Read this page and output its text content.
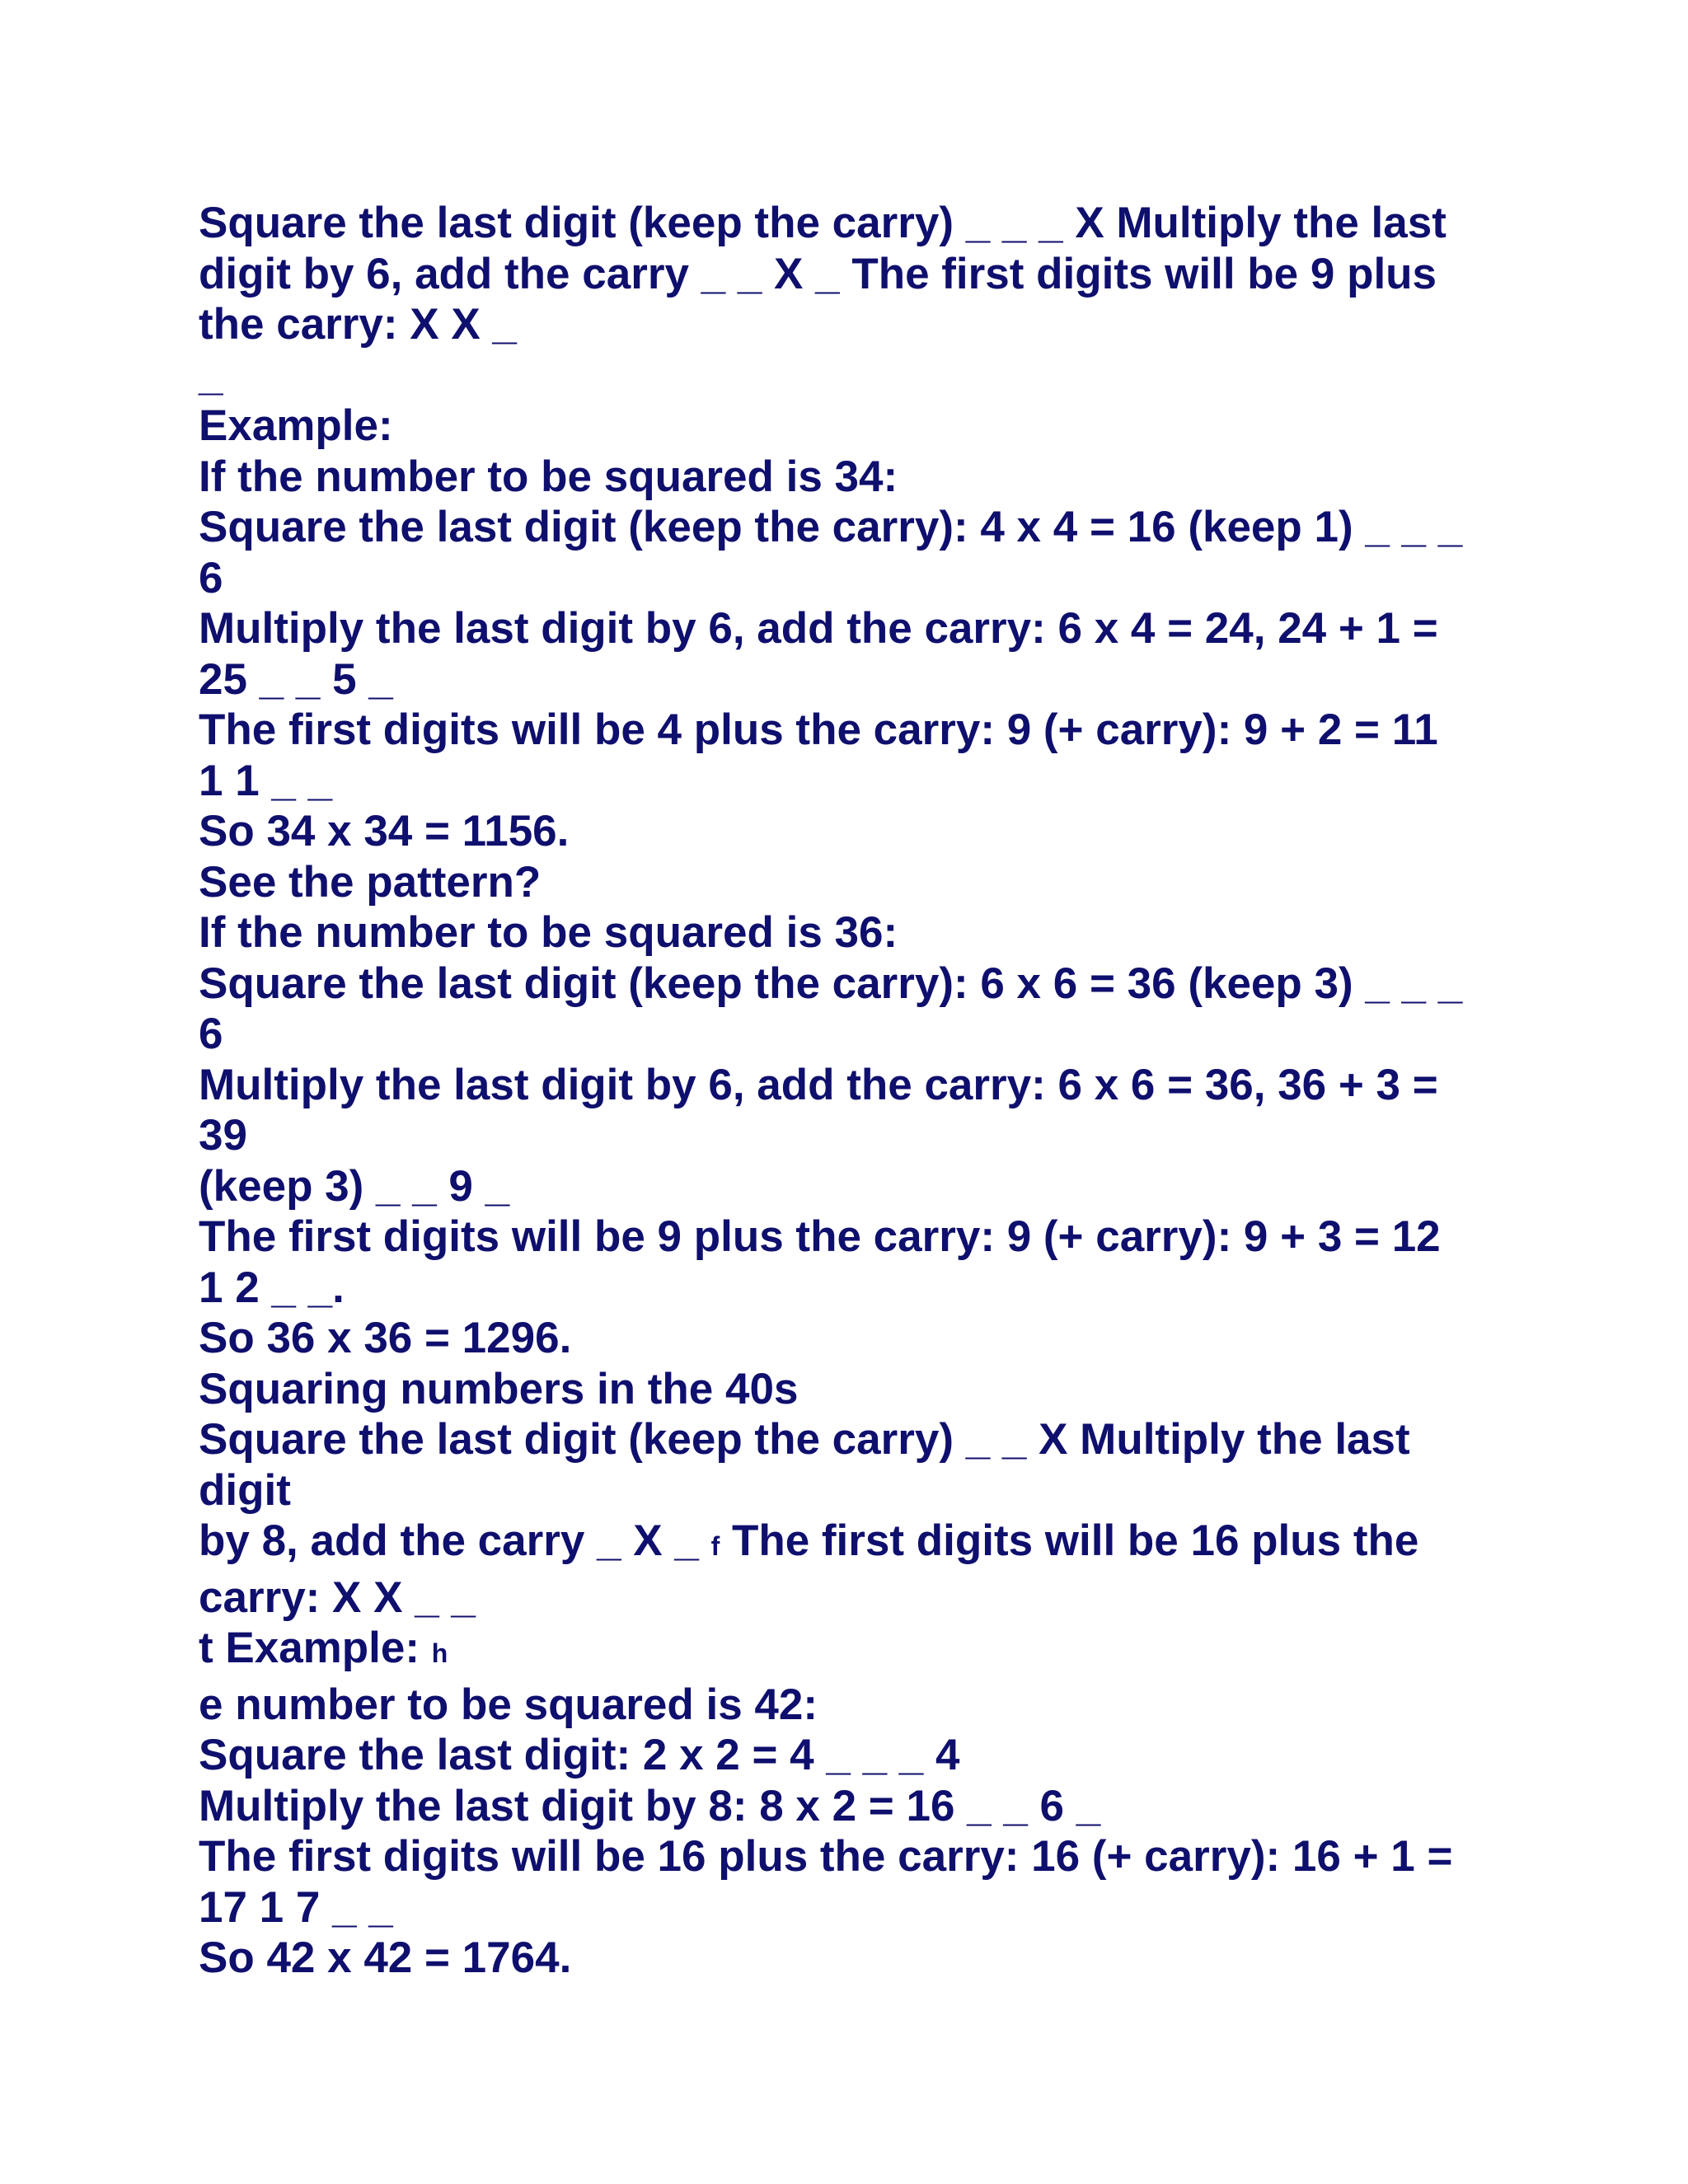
Square the last digit (keep the carry) _ _ _ X Multiply the last
digit by 6, add the carry _ _ X _ The first digits will be 9 plus
the carry: X X _
_
Example:
If the number to be squared is 34:
Square the last digit (keep the carry): 4 x 4 = 16 (keep 1) _ _ _
6
Multiply the last digit by 6, add the carry: 6 x 4 = 24, 24 + 1 =
25 _ _ 5 _
The first digits will be 4 plus the carry: 9 (+ carry): 9 + 2 = 11
1 1 _ _
So 34 x 34 = 1156.
See the pattern?
If the number to be squared is 36:
Square the last digit (keep the carry): 6 x 6 = 36 (keep 3) _ _ _
6
Multiply the last digit by 6, add the carry: 6 x 6 = 36, 36 + 3 =
39
(keep 3) _ _ 9 _
The first digits will be 9 plus the carry: 9 (+ carry): 9 + 3 = 12
1 2 _ _.
So 36 x 36 = 1296.
Squaring numbers in the 40s
Square the last digit (keep the carry) _ _ X Multiply the last
digit
by 8, add the carry _ X _ f The first digits will be 16 plus the
carry: X X _ _
t Example: h
e number to be squared is 42:
Square the last digit: 2 x 2 = 4 _ _ _ 4
Multiply the last digit by 8: 8 x 2 = 16 _ _ 6 _
The first digits will be 16 plus the carry: 16 (+ carry): 16 + 1 =
17 1 7 _ _
So 42 x 42 = 1764.
